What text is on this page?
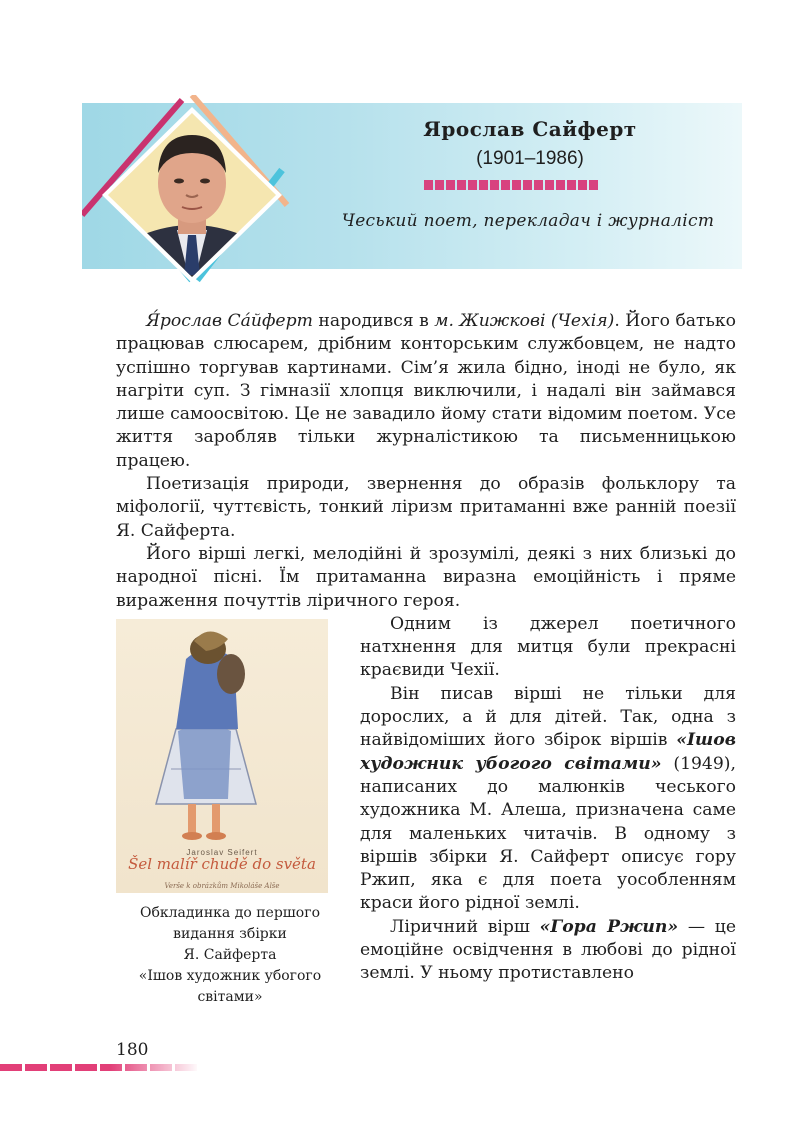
Ярослав Сайферт
(1901–1986)
Чеський поет, перекладач і журналіст

Я́рослав Са́йферт народився в м. Жижкові (Чехія). Його батько працював слюсарем, дрібним конторським службовцем, не надто успішно торгував картинами. Сім’я жила бідно, іноді не було, як нагріти суп. З гімназії хлопця виключили, і надалі він займався лише самоосвітою. Це не завадило йому стати відомим поетом. Усе життя заробляв тільки журналістикою та письменницькою працею.

Поетизація природи, звернення до образів фольклору та міфології, чуттєвість, тонкий ліризм притаманні вже ранній поезії Я. Сайферта.

Його вірші легкі, мелодійні й зрозумілі, деякі з них близькі до народної пісні. Їм притаманна виразна емоційність і пряме вираження почуттів ліричного героя.

Jaroslav Seifert
Šel malíř chudě do světa
Verše k obrázkům Mikoláše Alše
Обкладинка до першого
видання збірки
Я. Сайферта
«Ішов художник убогого
світами»

Одним із джерел поетичного натхнення для митця були прекрасні краєвиди Чехії.

Він писав вірші не тільки для дорослих, а й для дітей. Так, одна з найвідоміших його збірок віршів «Ішов художник убогого світами» (1949), написаних до малюнків чеського художника М. Алеша, призначена саме для маленьких читачів. В одному з віршів збірки Я. Сайферт описує гору Ржип, яка є для поета уособленням краси його рідної землі.

Ліричний вірш «Гора Ржип» — це емоційне освідчення в любові до рідної землі. У ньому протиставлено

180
